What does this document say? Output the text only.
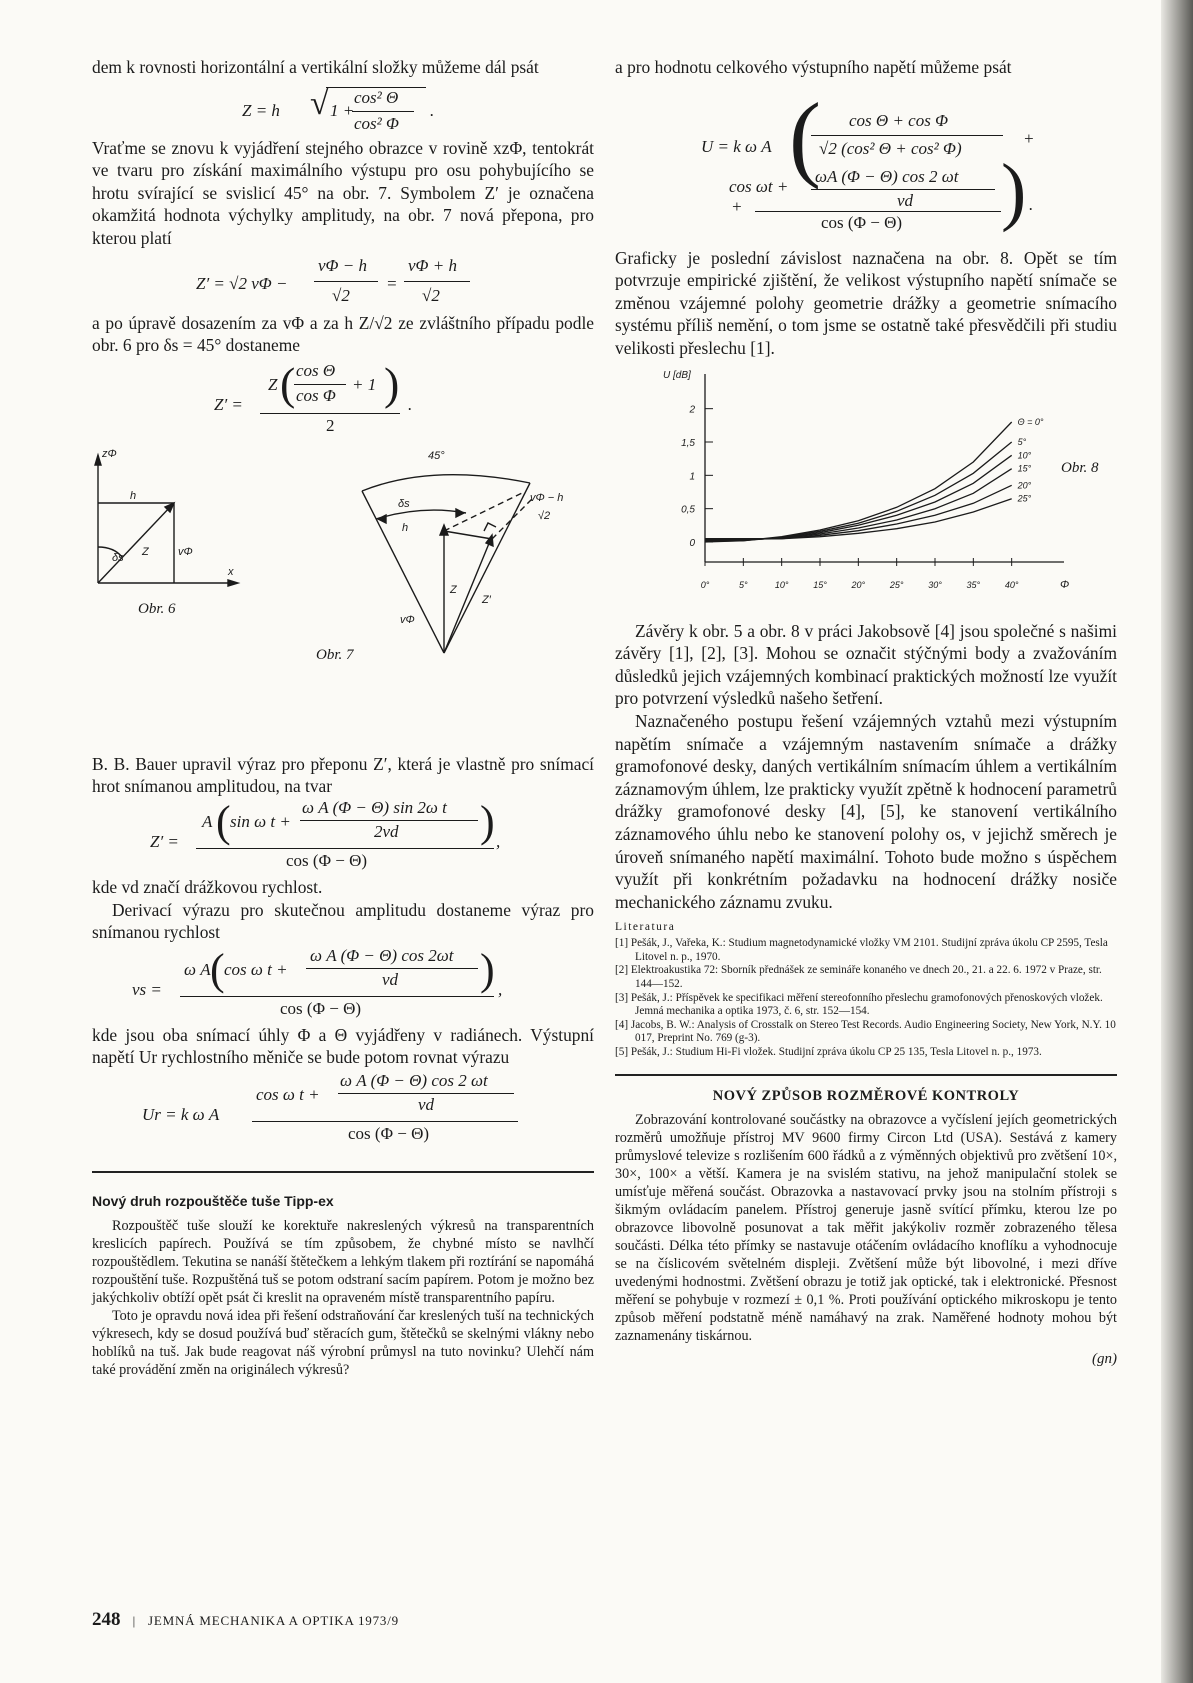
dem k rovnosti horizontální a vertikální složky můžeme dál psát

Z = h √ 1 +
cos² Θ
cos² Φ
.

Vraťme se znovu k vyjádření stejného obrazce v rovině xzΦ, tentokrát ve tvaru pro získání maximálního výstupu pro osu pohybujícího se hrotu svírající se svislicí 45° na obr. 7. Symbolem Z′ je označena okamžitá hodnota výchylky amplitudy, na obr. 7 nová přepona, pro kterou platí

Z′ = √2 vΦ −
vΦ − h
√2
=
vΦ + h
√2

a po úpravě dosazením za vΦ a za h Z/√2 ze zvláštního případu podle obr. 6 pro δs = 45° dostaneme

Z′ =
Z ( cos Θ
cos Φ
+ 1 )
2
.
zΦ
h
δs Z	vΦ
x
45°
δs
h
Z
Z′
vΦ
vΦ − h
√2
Obr. 6
Obr. 7

B. B. Bauer upravil výraz pro přeponu Z′, která je vlastně pro snímací hrot snímanou amplitudou, na tvar

Z′ =
A ( sin ω t +
ω A (Φ − Θ) sin 2ω t
2vd )
cos (Φ − Θ)
,

kde vd značí drážkovou rychlost.

Derivací výrazu pro skutečnou amplitudu dostaneme výraz pro snímanou rychlost

vs =
ω A ( cos ω t +
ω A (Φ − Θ) cos 2ωt
vd )
cos (Φ − Θ)
,

kde jsou oba snímací úhly Φ a Θ vyjádřeny v radiánech. Výstupní napětí Ur rychlostního měniče se bude potom rovnat výrazu

Ur = k ω A
cos ω t +
ω A (Φ − Θ) cos 2 ωt
vd
cos (Φ − Θ)
Nový druh rozpouštěče tuše Tipp-ex

Rozpouštěč tuše slouží ke korektuře nakreslených výkresů na transparentních kreslicích papírech. Používá se tím způsobem, že chybné místo se navlhčí rozpouštědlem. Tekutina se nanáší štětečkem a lehkým tlakem při roztírání se napomáhá rozpouštění tuše. Rozpuštěná tuš se potom odstraní sacím papírem. Potom je možno bez jakýchkoliv obtíží opět psát či kreslit na opraveném místě transparentního papíru.

Toto je opravdu nová idea při řešení odstraňování čar kreslených tuší na technických výkresech, kdy se dosud používá buď stěracích gum, štětečků se skelnými vlákny nebo hoblíků na tuš. Jak bude reagovat náš výrobní průmysl na tuto novinku? Ulehčí nám také provádění změn na originálech výkresů?

a pro hodnotu celkového výstupního napětí můžeme psát

U = k ω A ( cos Θ + cos Φ
√2 (cos² Θ + cos² Φ)
+
+
cos ωt +
ωA (Φ − Θ) cos 2 ωt
vd
cos (Φ − Θ) ) .

Graficky je poslední závislost naznačena na obr. 8. Opět se tím potvrzuje empirické zjištění, že velikost výstupního napětí snímače se změnou vzájemné polohy geometrie drážky a geometrie snímacího systému příliš nemění, o tom jsme se ostatně také přesvědčili při studiu velikosti přeslechu [1].

U [dB]
Φ
0
0,5
1
1,5
2
0°	5°	10°	15°	20°	25°	30°	35°	40°
Θ = 0°
5°
10°
15°
20°
25°
Obr. 8

Závěry k obr. 5 a obr. 8 v práci Jakobsově [4] jsou společné s našimi závěry [1], [2], [3]. Mohou se označit stýčnými body a zvažováním důsledků jejich vzájemných kombinací praktických možností lze využít pro potvrzení výsledků našeho šetření.

Naznačeného postupu řešení vzájemných vztahů mezi výstupním napětím snímače a vzájemným nastavením snímače a drážky gramofonové desky, daných vertikálním snímacím úhlem a vertikálním záznamovým úhlem, lze prakticky využít zpětně k hodnocení parametrů drážky gramofonové desky [4], [5], ke stanovení vertikálního záznamového úhlu nebo ke stanovení polohy os, v jejichž směrech je úroveň snímaného napětí maximální. Tohoto bude možno s úspěchem využít při konkrétním požadavku na hodnocení drážky nosiče mechanického záznamu zvuku.

Literatura

[1] Pešák, J., Vařeka, K.: Studium magnetodynamické vložky VM 2101. Studijní zpráva úkolu CP 2595, Tesla Litovel n. p., 1970.

[2] Elektroakustika 72: Sborník přednášek ze semináře konaného ve dnech 20., 21. a 22. 6. 1972 v Praze, str. 144—152.

[3] Pešák, J.: Příspěvek ke specifikaci měření stereofonního přeslechu gramofonových přenoskových vložek. Jemná mechanika a optika 1973, č. 6, str. 152—154.

[4] Jacobs, B. W.: Analysis of Crosstalk on Stereo Test Records. Audio Engineering Society, New York, N.Y. 10 017, Preprint No. 769 (g-3).

[5] Pešák, J.: Studium Hi-Fi vložek. Studijní zpráva úkolu CP 25 135, Tesla Litovel n. p., 1973.

NOVÝ ZPŮSOB ROZMĚROVÉ KONTROLY

Zobrazování kontrolované součástky na obrazovce a vyčíslení jejích geometrických rozměrů umožňuje přístroj MV 9600 firmy Circon Ltd (USA). Sestává z kamery průmyslové televize s rozlišením 600 řádků a z výměnných objektivů pro zvětšení 10×, 30×, 100× a větší. Kamera je na svislém stativu, na jehož manipulační stolek se umísťuje měřená součást. Obrazovka a nastavovací prvky jsou na stolním přístroji s šikmým ovládacím panelem. Přístroj generuje jasně svítící přímku, kterou lze po obrazovce libovolně posunovat a tak měřit jakýkoliv rozměr zobrazeného tělesa součásti. Délka této přímky se nastavuje otáčením ovládacího knoflíku a vyhodnocuje se na číslicovém světelném displeji. Zvětšení může být libovolné, i mezi dříve uvedenými hodnostmi. Zvětšení obrazu je totiž jak optické, tak i elektronické. Přesnost měření se pohybuje v rozmezí ± 0,1 %. Proti používání optického mikroskopu je tento způsob měření podstatně méně namáhavý na zrak. Naměřené hodnoty mohou být zaznamenány tiskárnou.

(gn)
248 | JEMNÁ MECHANIKA A OPTIKA 1973/9
